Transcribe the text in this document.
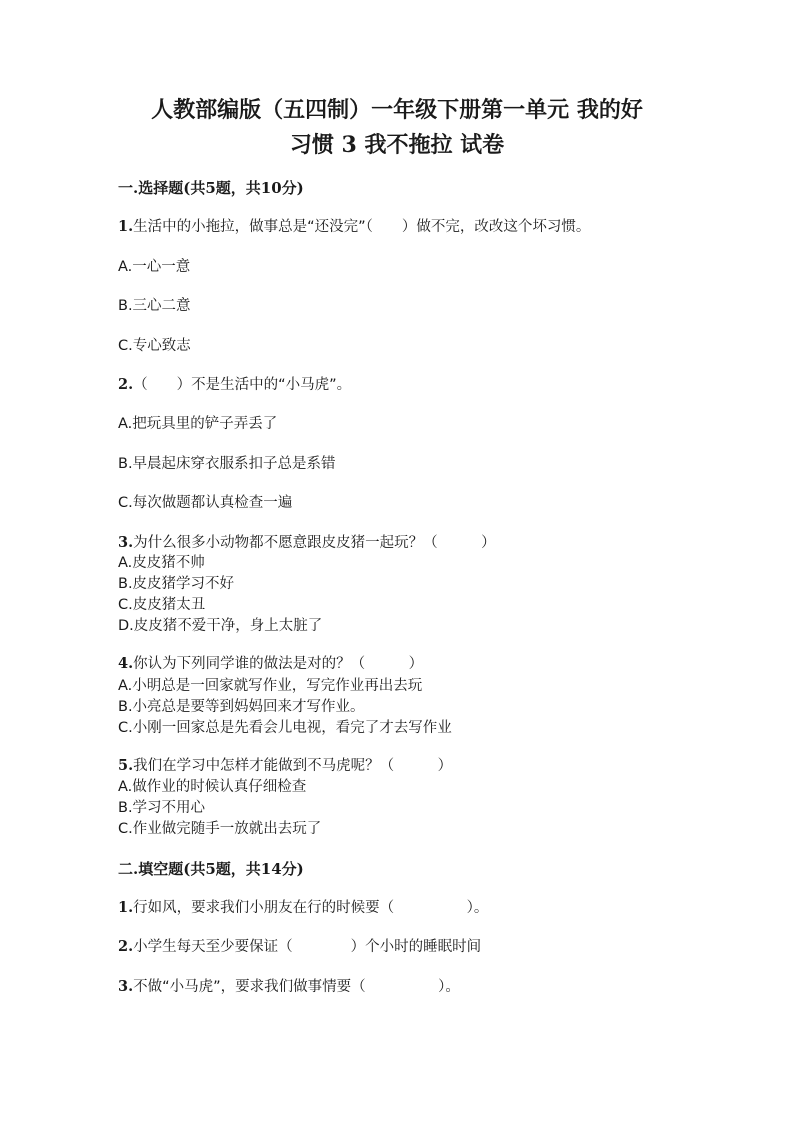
人教部编版（五四制）一年级下册第一单元 我的好
习惯 3 我不拖拉 试卷
一.选择题(共5题，共10分)
1.生活中的小拖拉，做事总是“还没完”（　　）做不完，改改这个坏习惯。
A.一心一意
B.三心二意
C.专心致志
2.（　　）不是生活中的“小马虎”。
A.把玩具里的铲子弄丢了
B.早晨起床穿衣服系扣子总是系错
C.每次做题都认真检查一遍
3.为什么很多小动物都不愿意跟皮皮猪一起玩？（　　　）
A.皮皮猪不帅
B.皮皮猪学习不好
C.皮皮猪太丑
D.皮皮猪不爱干净，身上太脏了
4.你认为下列同学谁的做法是对的？（　　　）
A.小明总是一回家就写作业，写完作业再出去玩
B.小亮总是要等到妈妈回来才写作业。
C.小刚一回家总是先看会儿电视，看完了才去写作业
5.我们在学习中怎样才能做到不马虎呢？（　　　）
A.做作业的时候认真仔细检查
B.学习不用心
C.作业做完随手一放就出去玩了
二.填空题(共5题，共14分)
1.行如风，要求我们小朋友在行的时候要（　　　　　）。
2.小学生每天至少要保证（　　　　）个小时的睡眠时间
3.不做“小马虎”，要求我们做事情要（　　　　　）。
